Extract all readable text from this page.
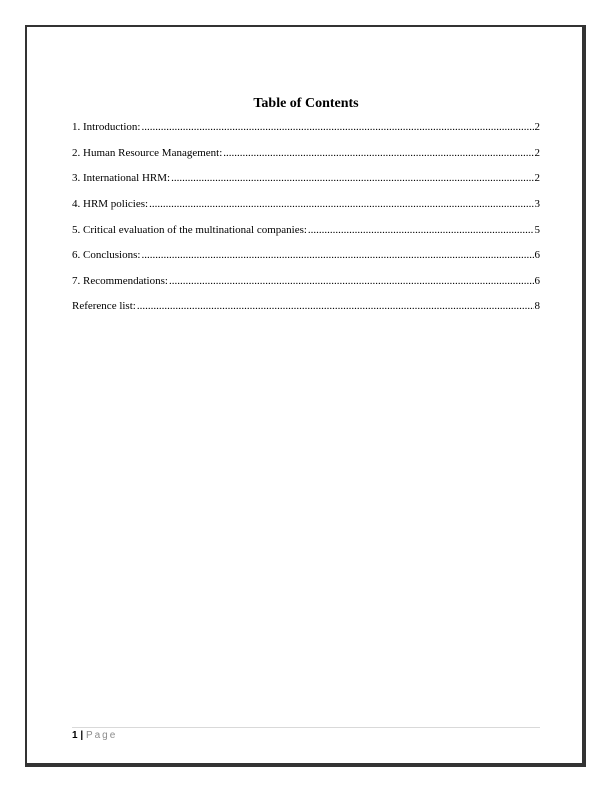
Table of Contents
1. Introduction: .....	2
2. Human Resource Management: .....	2
3. International HRM: .....	2
4. HRM policies: .....	3
5. Critical evaluation of the multinational companies: .....	5
6. Conclusions: .....	6
7. Recommendations: .....	6
Reference list: .....	8
1 | Page
